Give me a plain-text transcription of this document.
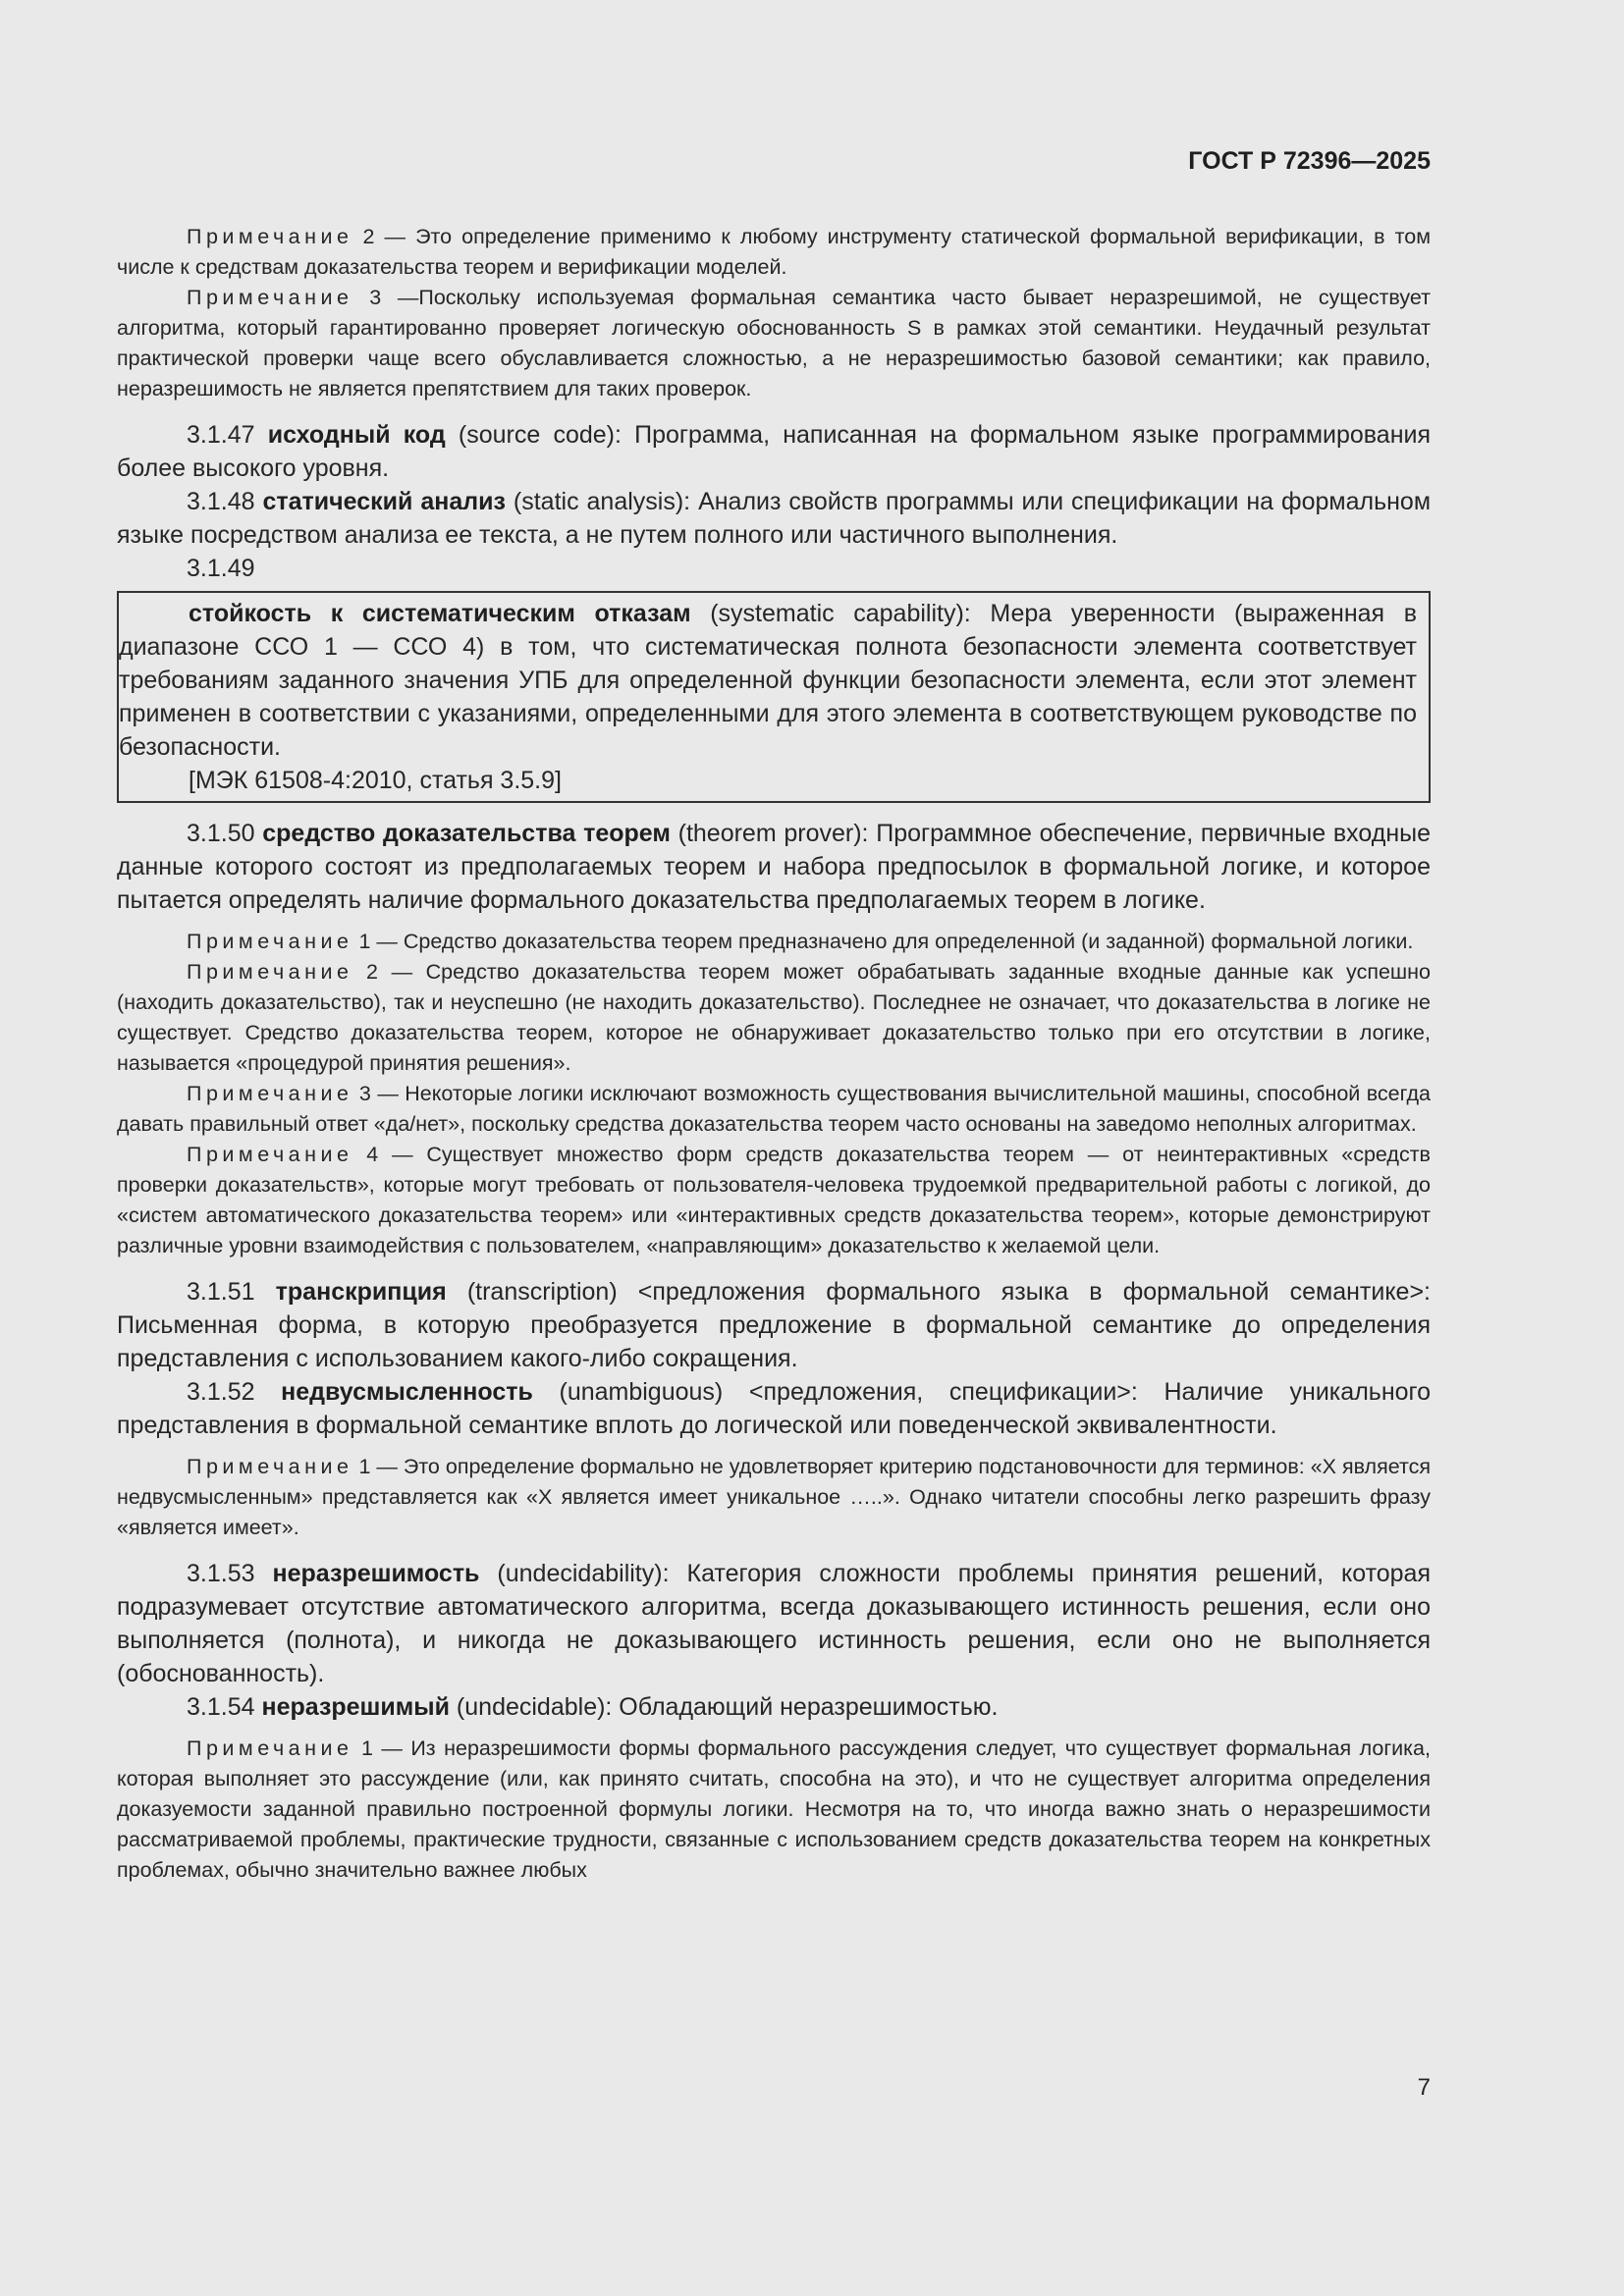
ГОСТ Р 72396—2025

Примечание 2 — Это определение применимо к любому инструменту статической формальной верификации, в том числе к средствам доказательства теорем и верификации моделей.

Примечание 3 —Поскольку используемая формальная семантика часто бывает неразрешимой, не существует алгоритма, который гарантированно проверяет логическую обоснованность S в рамках этой семантики. Неудачный результат практической проверки чаще всего обуславливается сложностью, а не неразрешимостью базовой семантики; как правило, неразрешимость не является препятствием для таких проверок.

3.1.47 исходный код (source code): Программа, написанная на формальном языке программирования более высокого уровня.

3.1.48 статический анализ (static analysis): Анализ свойств программы или спецификации на формальном языке посредством анализа ее текста, а не путем полного или частичного выполнения.

3.1.49

стойкость к систематическим отказам (systematic capability): Мера уверенности (выраженная в диапазоне ССО 1 — ССО 4) в том, что систематическая полнота безопасности элемента соответствует требованиям заданного значения УПБ для определенной функции безопасности элемента, если этот элемент применен в соответствии с указаниями, определенными для этого элемента в соответствующем руководстве по безопасности.

[МЭК 61508-4:2010, статья 3.5.9]

3.1.50 средство доказательства теорем (theorem prover): Программное обеспечение, первичные входные данные которого состоят из предполагаемых теорем и набора предпосылок в формальной логике, и которое пытается определять наличие формального доказательства предполагаемых теорем в логике.

Примечание 1 — Средство доказательства теорем предназначено для определенной (и заданной) формальной логики.

Примечание 2 — Средство доказательства теорем может обрабатывать заданные входные данные как успешно (находить доказательство), так и неуспешно (не находить доказательство). Последнее не означает, что доказательства в логике не существует. Средство доказательства теорем, которое не обнаруживает доказательство только при его отсутствии в логике, называется «процедурой принятия решения».

Примечание 3 — Некоторые логики исключают возможность существования вычислительной машины, способной всегда давать правильный ответ «да/нет», поскольку средства доказательства теорем часто основаны на заведомо неполных алгоритмах.

Примечание 4 — Существует множество форм средств доказательства теорем — от неинтерактивных «средств проверки доказательств», которые могут требовать от пользователя-человека трудоемкой предварительной работы с логикой, до «систем автоматического доказательства теорем» или «интерактивных средств доказательства теорем», которые демонстрируют различные уровни взаимодействия с пользователем, «направляющим» доказательство к желаемой цели.

3.1.51 транскрипция (transcription) <предложения формального языка в формальной семантике>: Письменная форма, в которую преобразуется предложение в формальной семантике до определения представления с использованием какого-либо сокращения.

3.1.52 недвусмысленность (unambiguous) <предложения, спецификации>: Наличие уникального представления в формальной семантике вплоть до логической или поведенческой эквивалентности.

Примечание 1 — Это определение формально не удовлетворяет критерию подстановочности для терминов: «X является недвусмысленным» представляется как «X является имеет уникальное …..». Однако читатели способны легко разрешить фразу «является имеет».

3.1.53 неразрешимость (undecidability): Категория сложности проблемы принятия решений, которая подразумевает отсутствие автоматического алгоритма, всегда доказывающего истинность решения, если оно выполняется (полнота), и никогда не доказывающего истинность решения, если оно не выполняется (обоснованность).

3.1.54 неразрешимый (undecidable): Обладающий неразрешимостью.

Примечание 1 — Из неразрешимости формы формального рассуждения следует, что существует формальная логика, которая выполняет это рассуждение (или, как принято считать, способна на это), и что не существует алгоритма определения доказуемости заданной правильно построенной формулы логики. Несмотря на то, что иногда важно знать о неразрешимости рассматриваемой проблемы, практические трудности, связанные с использованием средств доказательства теорем на конкретных проблемах, обычно значительно важнее любых

7
